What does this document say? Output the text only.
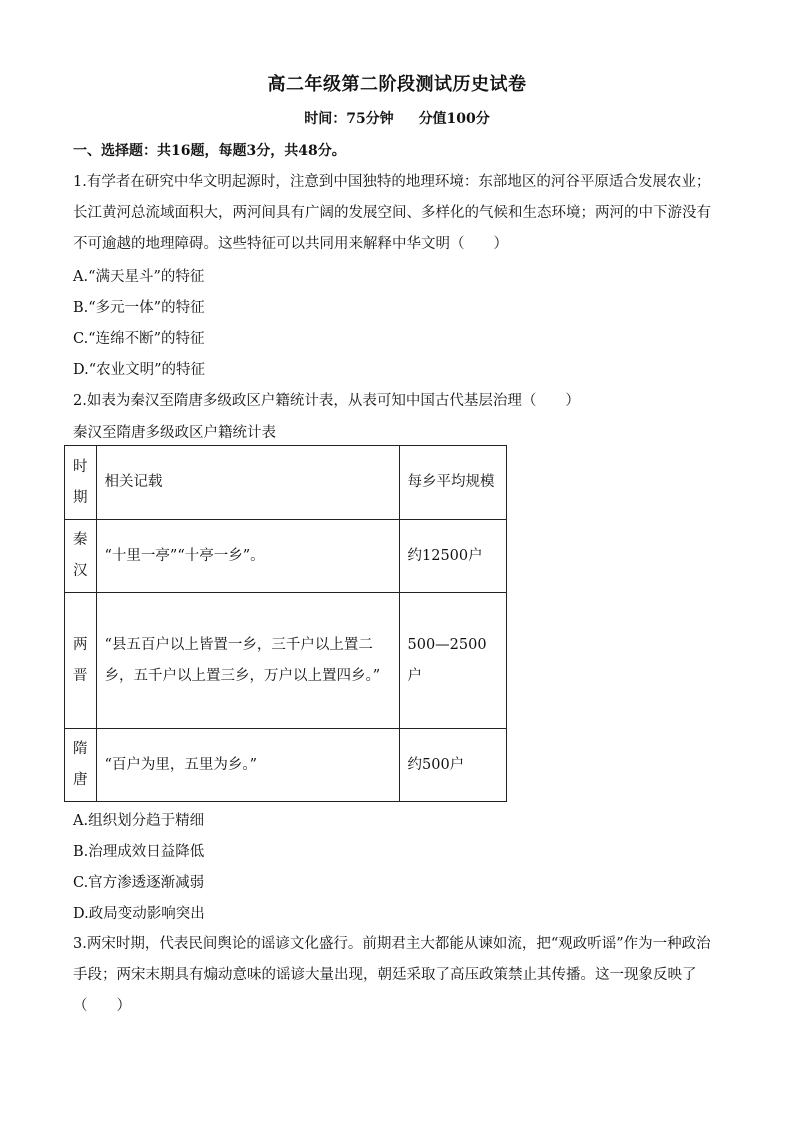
高二年级第二阶段测试历史试卷
时间：75分钟 分值100分
一、选择题：共16题，每题3分，共48分。
1.有学者在研究中华文明起源时，注意到中国独特的地理环境：东部地区的河谷平原适合发展农业；长江黄河总流域面积大，两河间具有广阔的发展空间、多样化的气候和生态环境；两河的中下游没有不可逾越的地理障碍。这些特征可以共同用来解释中华文明（　　）
A.“满天星斗”的特征
B.“多元一体”的特征
C.“连绵不断”的特征
D.“农业文明”的特征
2.如表为秦汉至隋唐多级政区户籍统计表，从表可知中国古代基层治理（　　）
秦汉至隋唐多级政区户籍统计表
时期	相关记载	每乡平均规模
秦汉	“十里一亭”“十亭一乡”。	约12500户
两晋	“县五百户以上皆置一乡，三千户以上置二乡，五千户以上置三乡，万户以上置四乡。”	500—2500户
隋唐	“百户为里，五里为乡。”	约500户
A.组织划分趋于精细
B.治理成效日益降低
C.官方渗透逐渐减弱
D.政局变动影响突出
3.两宋时期，代表民间舆论的谣谚文化盛行。前期君主大都能从谏如流，把“观政听谣”作为一种政治手段；两宋末期具有煽动意味的谣谚大量出现，朝廷采取了高压政策禁止其传播。这一现象反映了（　　）
